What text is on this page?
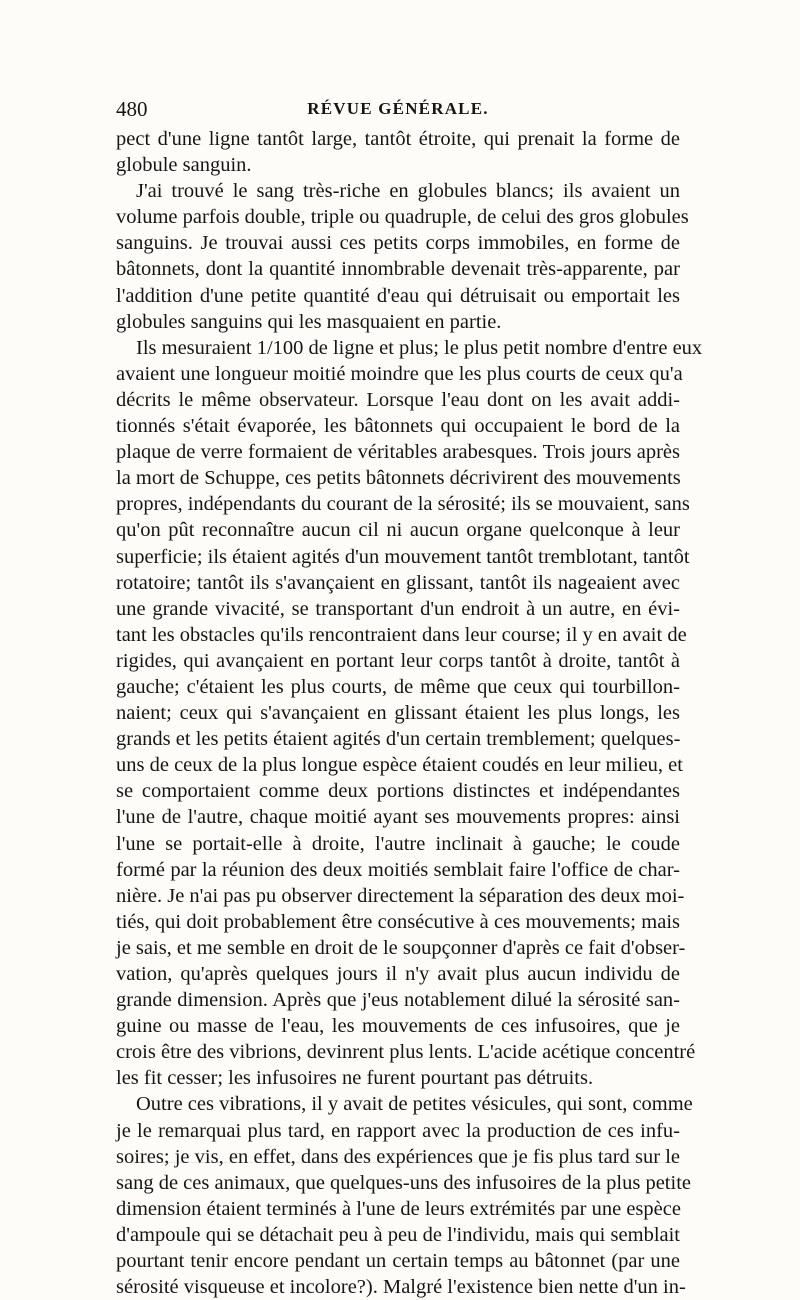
480	RÉVUE GÉNÉRALE.
pect d'une ligne tantôt large, tantôt étroite, qui prenait la forme de
globule sanguin.
J'ai trouvé le sang très-riche en globules blancs; ils avaient un
volume parfois double, triple ou quadruple, de celui des gros globules
sanguins. Je trouvai aussi ces petits corps immobiles, en forme de
bâtonnets, dont la quantité innombrable devenait très-apparente, par
l'addition d'une petite quantité d'eau qui détruisait ou emportait les
globules sanguins qui les masquaient en partie.
Ils mesuraient 1/100 de ligne et plus; le plus petit nombre d'entre eux
avaient une longueur moitié moindre que les plus courts de ceux qu'a
décrits le même observateur. Lorsque l'eau dont on les avait addi-
tionnés s'était évaporée, les bâtonnets qui occupaient le bord de la
plaque de verre formaient de véritables arabesques. Trois jours après
la mort de Schuppe, ces petits bâtonnets décrivirent des mouvements
propres, indépendants du courant de la sérosité; ils se mouvaient, sans
qu'on pût reconnaître aucun cil ni aucun organe quelconque à leur
superficie; ils étaient agités d'un mouvement tantôt tremblotant, tantôt
rotatoire; tantôt ils s'avançaient en glissant, tantôt ils nageaient avec
une grande vivacité, se transportant d'un endroit à un autre, en évi-
tant les obstacles qu'ils rencontraient dans leur course; il y en avait de
rigides, qui avançaient en portant leur corps tantôt à droite, tantôt à
gauche; c'étaient les plus courts, de même que ceux qui tourbillon-
naient; ceux qui s'avançaient en glissant étaient les plus longs, les
grands et les petits étaient agités d'un certain tremblement; quelques-
uns de ceux de la plus longue espèce étaient coudés en leur milieu, et
se comportaient comme deux portions distinctes et indépendantes
l'une de l'autre, chaque moitié ayant ses mouvements propres: ainsi
l'une se portait-elle à droite, l'autre inclinait à gauche; le coude
formé par la réunion des deux moitiés semblait faire l'office de char-
nière. Je n'ai pas pu observer directement la séparation des deux moi-
tiés, qui doit probablement être consécutive à ces mouvements; mais
je sais, et me semble en droit de le soupçonner d'après ce fait d'obser-
vation, qu'après quelques jours il n'y avait plus aucun individu de
grande dimension. Après que j'eus notablement dilué la sérosité san-
guine ou masse de l'eau, les mouvements de ces infusoires, que je
crois être des vibrions, devinrent plus lents. L'acide acétique concentré
les fit cesser; les infusoires ne furent pourtant pas détruits.
Outre ces vibrations, il y avait de petites vésicules, qui sont, comme
je le remarquai plus tard, en rapport avec la production de ces infu-
soires; je vis, en effet, dans des expériences que je fis plus tard sur le
sang de ces animaux, que quelques-uns des infusoires de la plus petite
dimension étaient terminés à l'une de leurs extrémités par une espèce
d'ampoule qui se détachait peu à peu de l'individu, mais qui semblait
pourtant tenir encore pendant un certain temps au bâtonnet (par une
sérosité visqueuse et incolore?). Malgré l'existence bien nette d'un in-
